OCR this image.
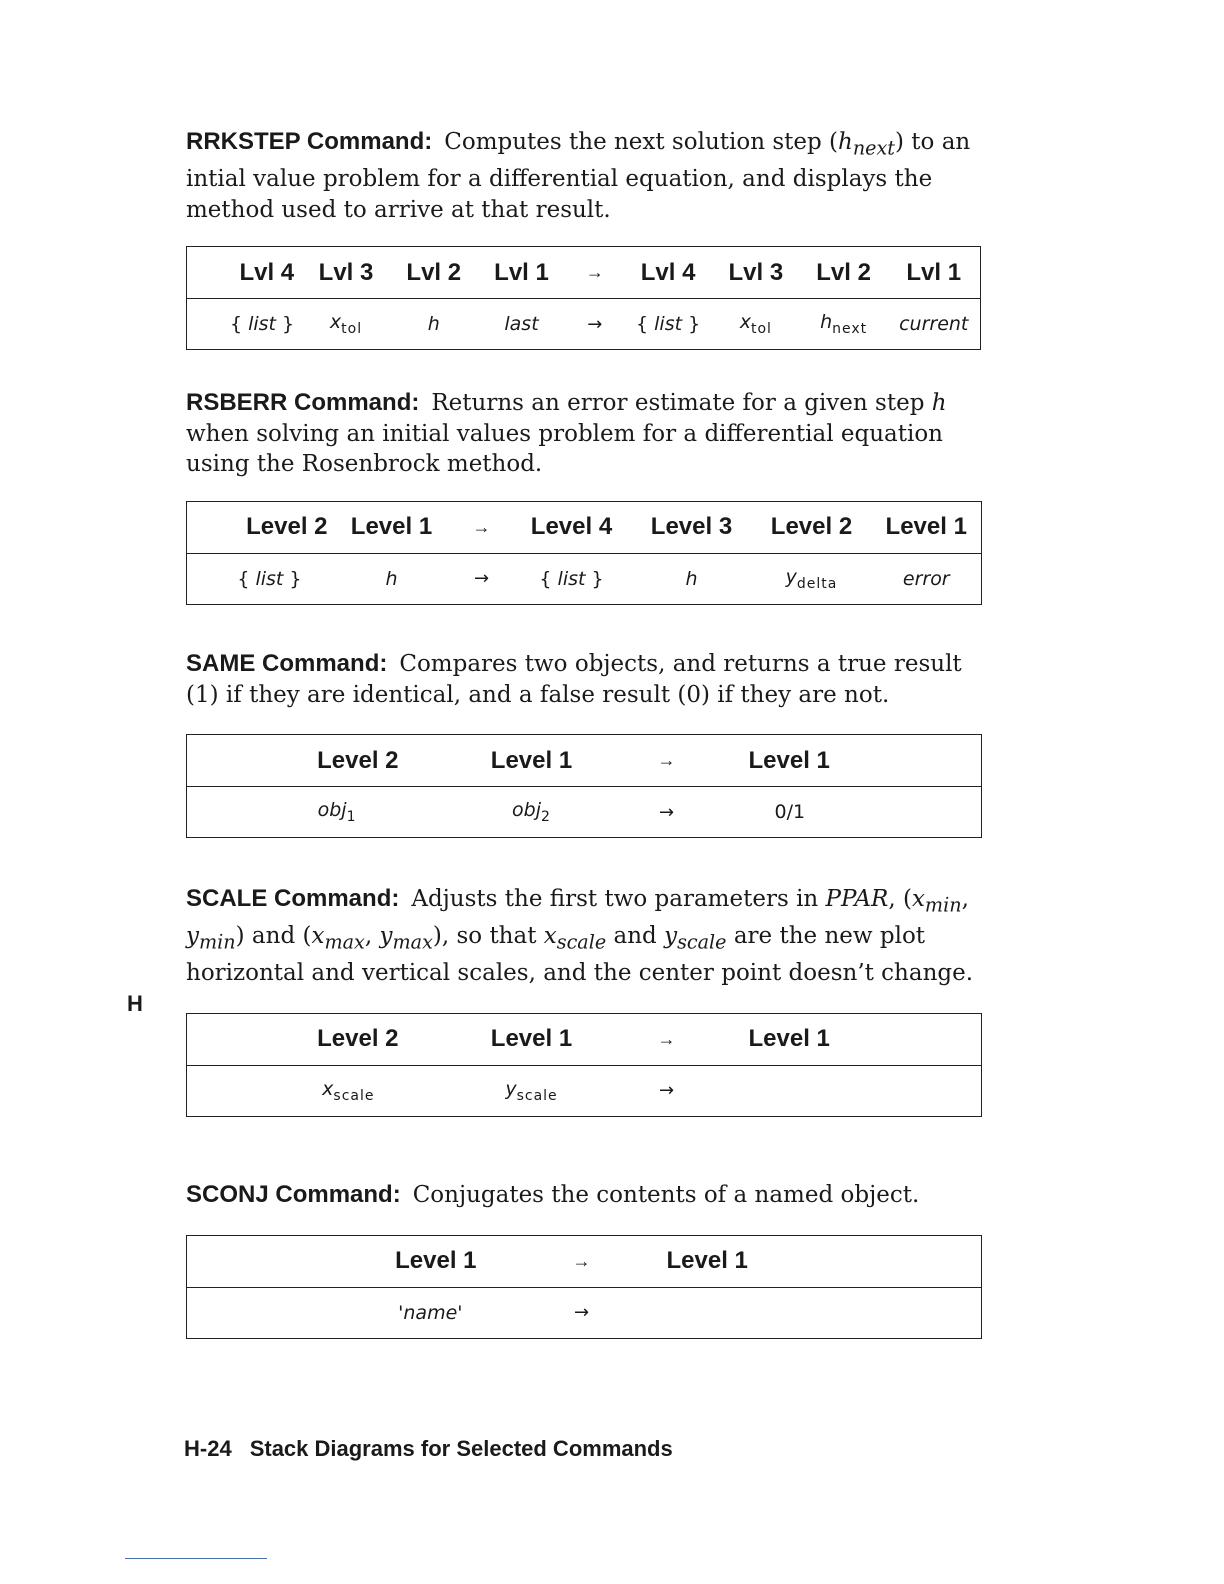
RRKSTEP Command: Computes the next solution step $(h_{next})$ to an intial value problem for a differential equation, and displays the method used to arrive at that result.

Lvl 4	Lvl 3	Lvl 2	Lvl 1	→	Lvl 4	Lvl 3	Lvl 2	Lvl 1
{ list }	$x_{tol}$	h	last	→	{ list }	$x_{tol}$	$h_{next}$	current

RSBERR Command: Returns an error estimate for a given step h when solving an initial values problem for a differential equation using the Rosenbrock method.

Level 2	Level 1	→	Level 4	Level 3	Level 2	Level 1
{ list }	h	→	{ list }	h	$y_{delta}$	error

SAME Command: Compares two objects, and returns a true result (1) if they are identical, and a false result (0) if they are not.

Level 2	Level 1	→	Level 1
obj$_1$	obj$_2$	→	0/1

SCALE Command: Adjusts the first two parameters in PPAR, ($x_{min}$, $y_{min}$) and ($x_{max}$, $y_{max}$), so that $x_{scale}$ and $y_{scale}$ are the new plot horizontal and vertical scales, and the center point doesn’t change.

Level 2	Level 1	→	Level 1
$x_{scale}$	$y_{scale}$	→	

SCONJ Command: Conjugates the contents of a named object.

Level 1	→	Level 1
'name'	→	
H
H-24 Stack Diagrams for Selected Commands
